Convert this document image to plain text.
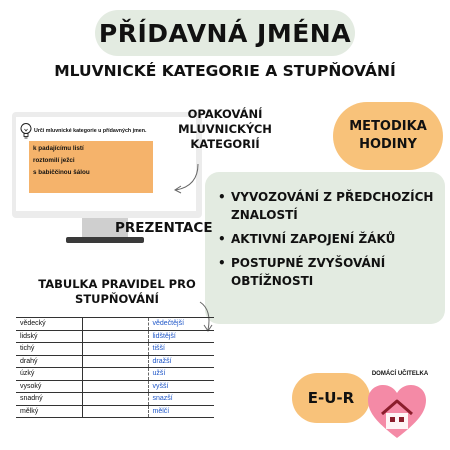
PŘÍDAVNÁ JMÉNA
MLUVNICKÉ KATEGORIE A STUPŇOVÁNÍ
Urči mluvnické kategorie u přídavných jmen.
k padajícímu listí
roztomilí ježci
s babiččinou šálou
OPAKOVÁNÍ
MLUVNICKÝCH
KATEGORIÍ
METODIKA
HODINY
• VYVOZOVÁNÍ Z PŘEDCHOZÍCH
ZNALOSTÍ
• AKTIVNÍ ZAPOJENÍ ŽÁKŮ
• POSTUPNÉ ZVYŠOVÁNÍ
OBTÍŽNOSTI
PREZENTACE
TABULKA PRAVIDEL PRO
STUPŇOVÁNÍ
vědecký		vědečtější
lidský		lidštější
tichý		tišší
drahý		dražší
úzký		užší
vysoký		vyšší
snadný		snazší
mělký		mělčí
E-U-R
DOMÁCÍ UČITELKA
